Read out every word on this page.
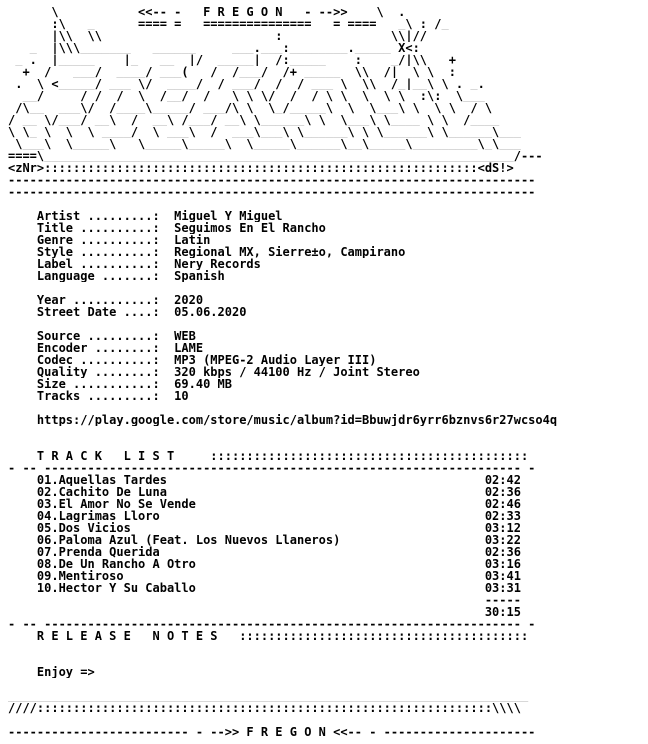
\           <<-- -   F R E G O N   - -->>    \  .
:\   _      ==== =   ===============   = ====   _\ : /_
|\\  \\                        :               \\|//
_  |\\\_______   ______     ___.___:________._____ X<:
_ .  |_____    |_   __  |/  _____|  /:_____    :    _/|\\   +
+  /   ___/  ____/ ___(   /  /___/  /+ _____  \\  /|  \ \  :
.  \ <_____/ ___ \/  ____/  / ___/  /  / ___ \  \\  /_|__\ \ . _.
__/     / /  /  \  /__/  /   \ \ \/  /  / \ \  \  \ \  :\:  \___
/\__  ___\/  /____\_____/ ___/\ \  \_/_____\  \  \___\ \  \ \  / \
/ __ \/___/ __\  /  __\ /___/ __\ \______\ \  \___\ \____ \ \  /____
\ \_ \  \  \ ____/  \ ___\  /  ___\___\ \______\ \ \______\ \______\___
\___\  \_____\   \_____\_____\  \_____\______\__\_____\_________\_\___
====\_________________________________________________________________/---
<zNr>::::::::::::::::::::::::::::::::::::::::::::::::::::::::::::<dS!>
-------------------------------------------------------------------------
-------------------------------------------------------------------------

Artist .........:  Miguel Y Miguel
Title ..........:  Seguimos En El Rancho
Genre ..........:  Latin
Style ..........:  Regional MX, Sierre±o, Campirano
Label ..........:  Nery Records
Language .......:  Spanish

Year ...........:  2020
Street Date ....:  05.06.2020

Source .........:  WEB
Encoder ........:  LAME
Codec ..........:  MP3 (MPEG-2 Audio Layer III)
Quality ........:  320 kbps / 44100 Hz / Joint Stereo
Size ...........:  69.40 MB
Tracks .........:  10

https://play.google.com/store/music/album?id=Bbuwjdr6yrr6bznvs6r27wcso4q

T R A C K   L I S T     ::::::::::::::::::::::::::::::::::::::::::::
- -- ------------------------------------------------------------------ -
01.Aquellas Tardes                                            02:42
02.Cachito De Luna                                            02:36
03.El Amor No Se Vende                                        02:46
04.Lagrimas Lloro                                             02:33
05.Dos Vicios                                                 03:12
06.Paloma Azul (Feat. Los Nuevos Llaneros)                    03:22
07.Prenda Querida                                             02:36
08.De Un Rancho A Otro                                        03:16
09.Mentiroso                                                  03:41
10.Hector Y Su Caballo                                        03:31
-----
30:15
- -- ------------------------------------------------------------------ -
R E L E A S E   N O T E S   ::::::::::::::::::::::::::::::::::::::::

Enjoy =>

________________________________________________________________________
////:::::::::::::::::::::::::::::::::::::::::::::::::::::::::::::::\\\\

------------------------- - -->> F R E G O N <<-- - ---------------------
